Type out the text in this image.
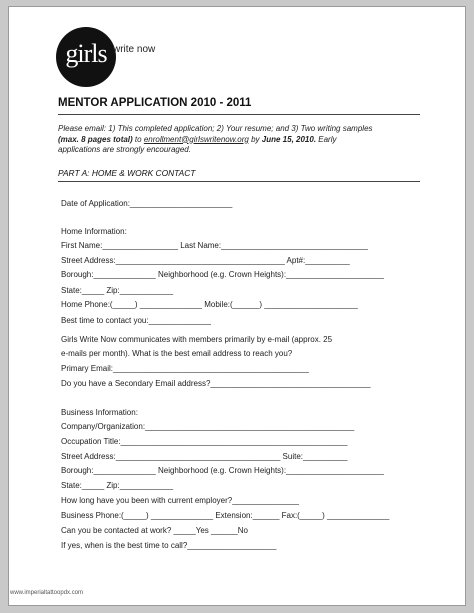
girls write now
MENTOR APPLICATION 2010 - 2011
Please email: 1) This completed application; 2) Your resume; and 3) Two writing samples
(max. 8 pages total) to enrollment@girlswritenow.org by June 15, 2010. Early
applications are strongly encouraged.
PART A: HOME & WORK CONTACT
Date of Application:_______________________
Home Information:
First Name:_________________ Last Name:_________________________________
Street Address:______________________________________ Apt#:__________
Borough:______________ Neighborhood (e.g. Crown Heights):______________________
State:_____ Zip:____________
Home Phone:(_____) ______________ Mobile:(______) _____________________
Best time to contact you:______________
Girls Write Now communicates with members primarily by e-mail (approx. 25
e-mails per month). What is the best email address to reach you?
Primary Email:____________________________________________
Do you have a Secondary Email address?____________________________________
Business Information:
Company/Organization:_______________________________________________
Occupation Title:___________________________________________________
Street Address:_____________________________________ Suite:__________
Borough:______________ Neighborhood (e.g. Crown Heights):______________________
State:_____ Zip:____________
How long have you been with current employer?_______________
Business Phone:(_____) ______________ Extension:______ Fax:(_____) ______________
Can you be contacted at work? _____Yes ______No
If yes, when is the best time to call?____________________
www.imperialtattoopdx.com
